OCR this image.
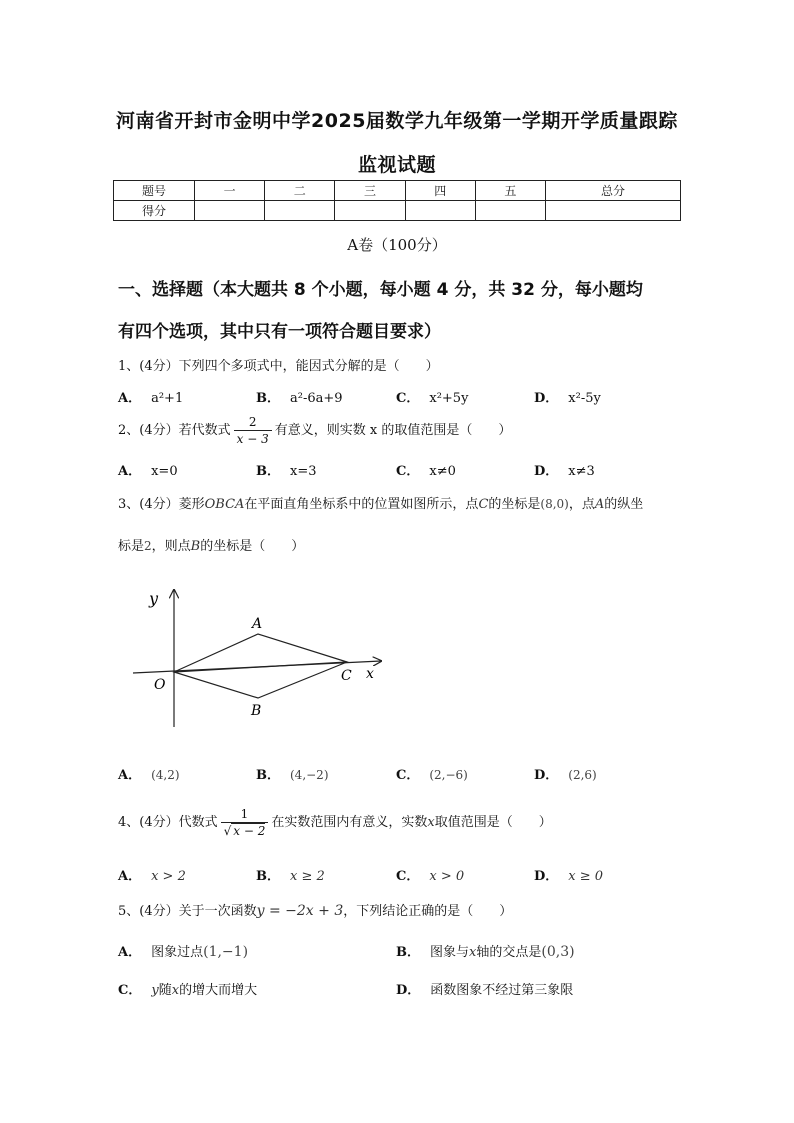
河南省开封市金明中学2025届数学九年级第一学期开学质量跟踪
监视试题
题号	一	二	三	四	五	总分
得分						
A卷（100分）
一、选择题（本大题共 8 个小题，每小题 4 分，共 32 分，每小题均
有四个选项，其中只有一项符合题目要求）
1、(4分）下列四个多项式中，能因式分解的是（　　）
A． a²+1	B． a²-6a+9	C． x²+5y	D． x²-5y
2、(4分）若代数式 $\frac{2}{x - 3}$ 有意义，则实数 x 的取值范围是（　　）
A． x=0	B． x=3	C． x≠0	D． x≠3
3、(4分）菱形OBCA在平面直角坐标系中的位置如图所示，点C的坐标是(8,0)，点A的纵坐
标是2，则点B的坐标是（　　）
y
x
O
A
B
C
A． (4,2)	B． (4,−2)	C． (2,−6)	D． (2,6)
4、(4分）代数式 $\frac{1}{√ x - 2}$ 在实数范围内有意义，实数x取值范围是（　　）
A． x > 2	B． x ≥ 2	C． x > 0	D． x ≥ 0
5、(4分）关于一次函数y = −2x + 3，下列结论正确的是（　　）
A． 图象过点(1,−1)	B． 图象与x轴的交点是(0,3)
C． y随x的增大而增大	D． 函数图象不经过第三象限
